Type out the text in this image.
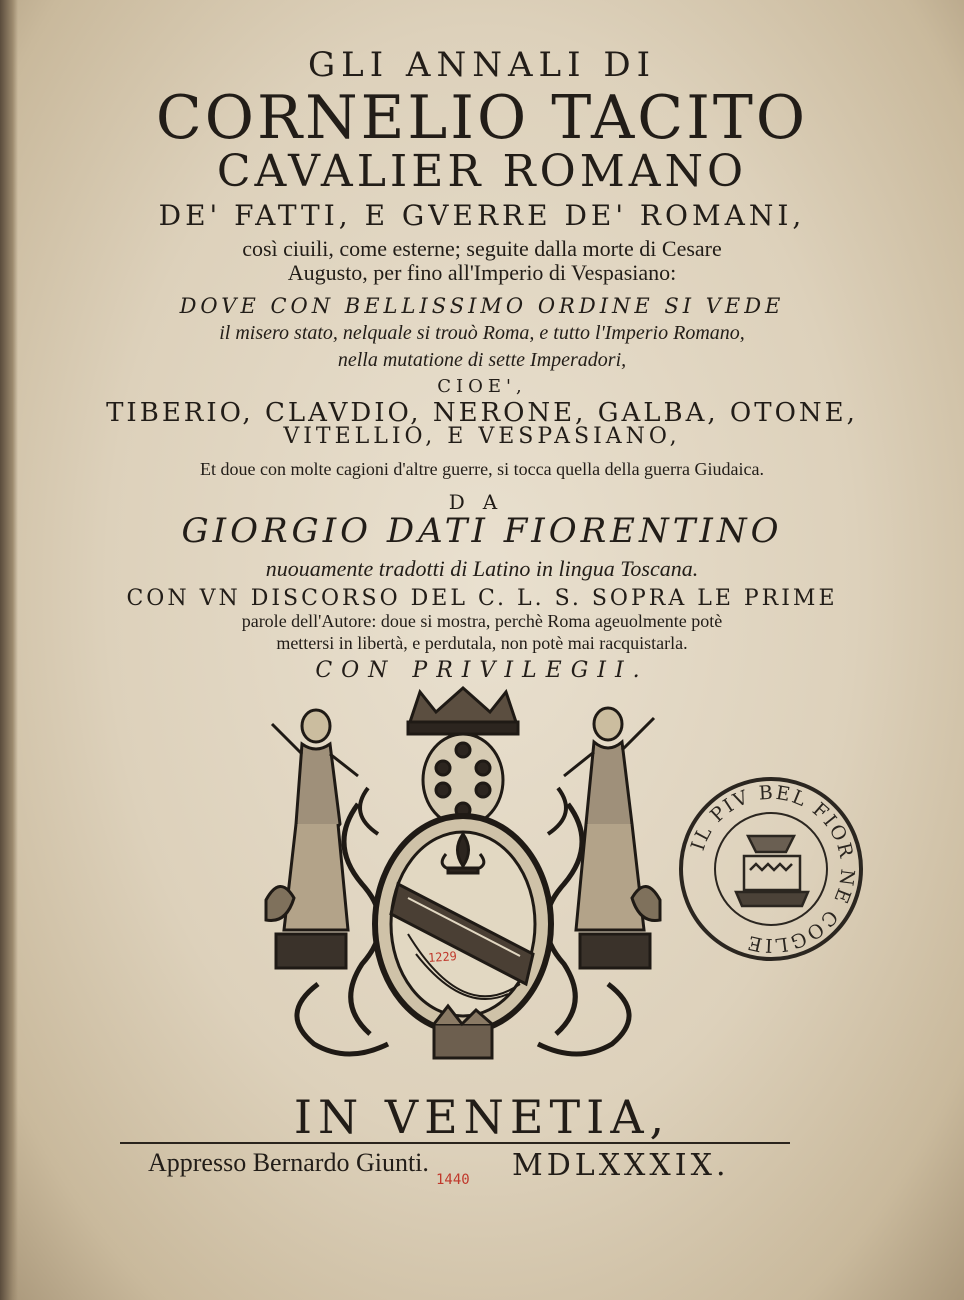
GLI ANNALI DI
CORNELIO TACITO
CAVALIER ROMANO
DE' FATTI, E GVERRE DE' ROMANI,
così ciuili, come esterne; seguite dalla morte di Cesare
Augusto, per fino all'Imperio di Vespasiano:
DOVE CON BELLISSIMO ORDINE SI VEDE
il misero stato, nelquale si trouò Roma, e tutto l'Imperio Romano,
nella mutatione di sette Imperadori,
CIOE',
TIBERIO, CLAVDIO, NERONE, GALBA, OTONE,
VITELLIO, E VESPASIANO,
Et doue con molte cagioni d'altre guerre, si tocca quella della guerra Giudaica.
DA
GIORGIO DATI FIORENTINO
nuouamente tradotti di Latino in lingua Toscana.
CON VN DISCORSO DEL C. L. S. SOPRA LE PRIME
parole dell'Autore: doue si mostra, perchè Roma ageuolmente potè
mettersi in libertà, e perdutala, non potè mai racquistarla.
CON PRIVILEGII.
IL PIV BEL FIOR NE COGLIE
1229
IN VENETIA,
Appresso Bernardo Giunti.	MDLXXXIX.
1440
